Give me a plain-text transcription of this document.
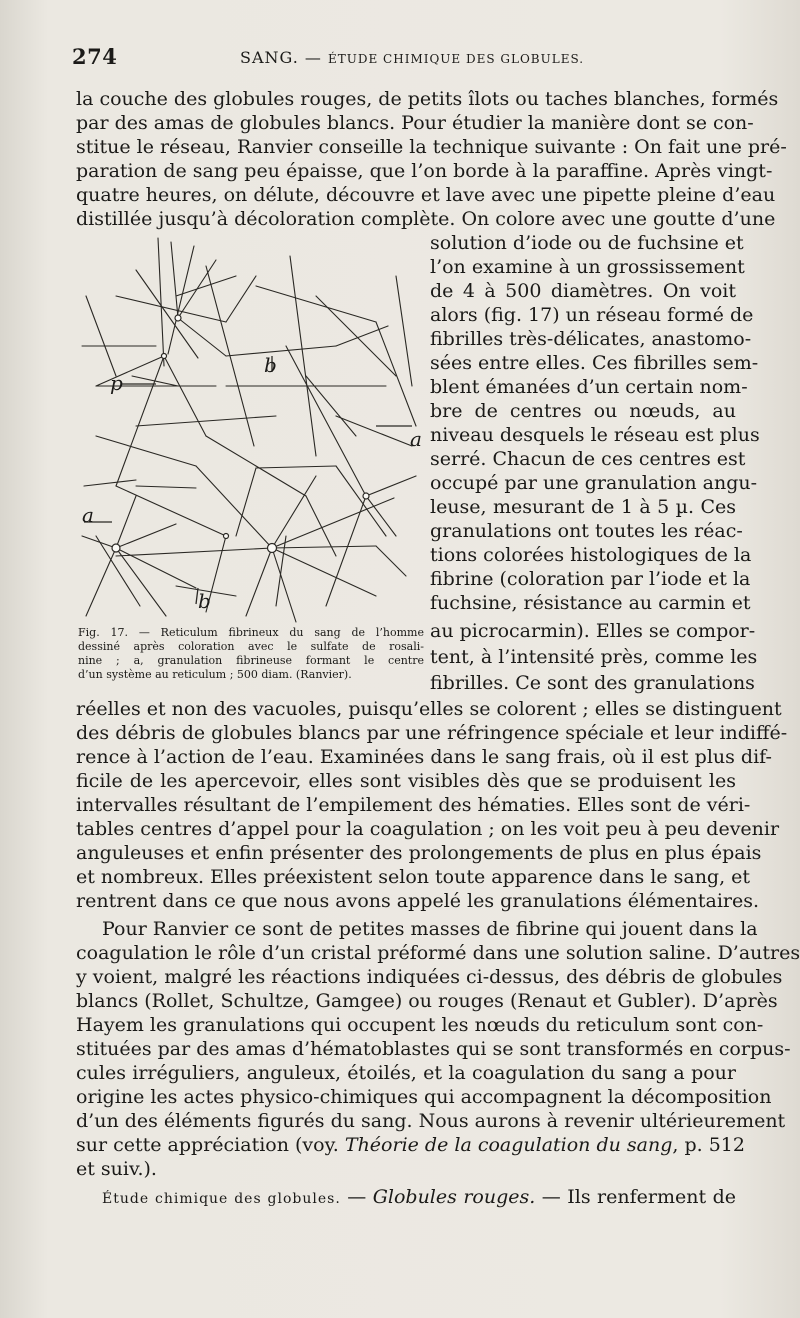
274	SANG. — ÉTUDE CHIMIQUE DES GLOBULES.
la couche des globules rouges, de petits îlots ou taches blanches, formés
par des amas de globules blancs. Pour étudier la manière dont se con-
stitue le réseau, Ranvier conseille la technique suivante : On fait une pré-
paration de sang peu épaisse, que l’on borde à la paraffine. Après vingt-
quatre heures, on délute, découvre et lave avec une pipette pleine d’eau
distillée jusqu’à décoloration complète. On colore avec une goutte d’une
solution d’iode ou de fuchsine et
l’on examine à un grossissement
de 4 à 500 diamètres. On voit
alors (fig. 17) un réseau formé de
fibrilles très-délicates, anastomo-
sées entre elles. Ces fibrilles sem-
blent émanées d’un certain nom-
bre de centres ou nœuds, au
niveau desquels le réseau est plus
serré. Chacun de ces centres est
occupé par une granulation angu-
leuse, mesurant de 1 à 5 µ. Ces
granulations ont toutes les réac-
tions colorées histologiques de la
fibrine (coloration par l’iode et la
fuchsine, résistance au carmin et
au picrocarmin). Elles se compor-
tent, à l’intensité près, comme les
fibrilles. Ce sont des granulations
p
b
a
a
b
Fig. 17. — Reticulum fibrineux du sang de l’homme
dessiné après coloration avec le sulfate de rosali-
nine ; a, granulation fibrineuse formant le centre
d’un système au reticulum ; 500 diam. (Ranvier).
réelles et non des vacuoles, puisqu’elles se colorent ; elles se distinguent
des débris de globules blancs par une réfringence spéciale et leur indiffé-
rence à l’action de l’eau. Examinées dans le sang frais, où il est plus dif-
ficile de les apercevoir, elles sont visibles dès que se produisent les
intervalles résultant de l’empilement des hématies. Elles sont de véri-
tables centres d’appel pour la coagulation ; on les voit peu à peu devenir
anguleuses et enfin présenter des prolongements de plus en plus épais
et nombreux. Elles préexistent selon toute apparence dans le sang, et
rentrent dans ce que nous avons appelé les granulations élémentaires.
Pour Ranvier ce sont de petites masses de fibrine qui jouent dans la
coagulation le rôle d’un cristal préformé dans une solution saline. D’autres
y voient, malgré les réactions indiquées ci-dessus, des débris de globules
blancs (Rollet, Schultze, Gamgee) ou rouges (Renaut et Gubler). D’après
Hayem les granulations qui occupent les nœuds du reticulum sont con-
stituées par des amas d’hématoblastes qui se sont transformés en corpus-
cules irréguliers, anguleux, étoilés, et la coagulation du sang a pour
origine les actes physico-chimiques qui accompagnent la décomposition
d’un des éléments figurés du sang. Nous aurons à revenir ultérieurement
sur cette appréciation (voy. Théorie de la coagulation du sang, p. 512
et suiv.).
Étude chimique des globules. — Globules rouges. — Ils renferment de
